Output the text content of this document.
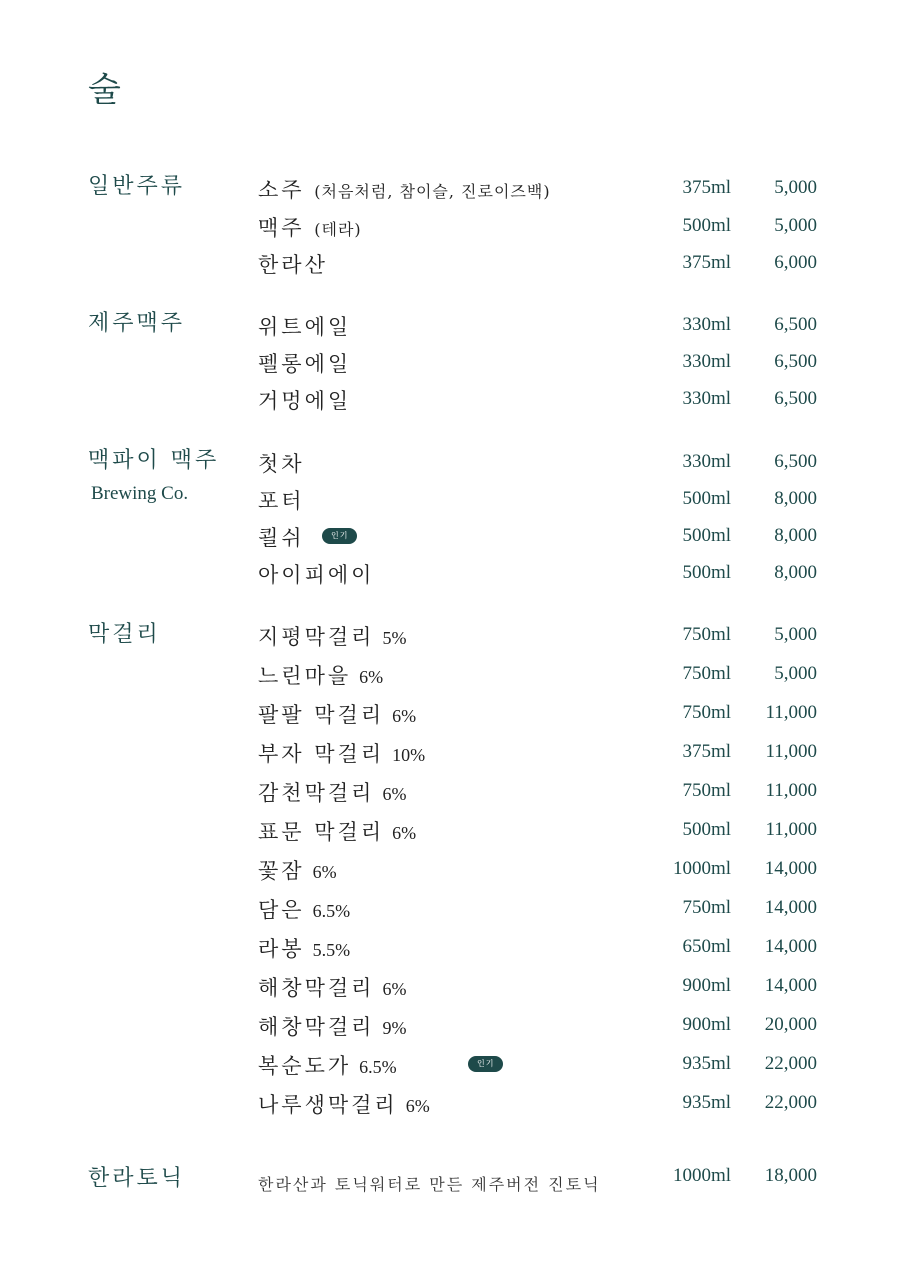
술
일반주류	소주 (처음처럼, 참이슬, 진로이즈백)	375ml 5,000
맥주 (테라)	500ml 5,000
한라산	375ml 6,000
제주맥주	위트에일	330ml 6,500
펠롱에일	330ml 6,500
거멍에일	330ml 6,500
맥파이 맥주
Brewing Co.
첫차	330ml 6,500
포터	500ml 8,000
쾰쉬	인기	500ml 8,000
아이피에이	500ml 8,000
막걸리	지평막걸리 5%	750ml 5,000
느린마을 6%	750ml 5,000
팔팔 막걸리 6%	750ml 11,000
부자 막걸리 10%	375ml 11,000
감천막걸리 6%	750ml 11,000
표문 막걸리 6%	500ml 11,000
꽃잠 6%	1000ml 14,000
담은 6.5%	750ml 14,000
라봉 5.5%	650ml 14,000
해창막걸리 6%	900ml 14,000
해창막걸리 9%	900ml 20,000
복순도가 6.5%	인기	935ml 22,000
나루생막걸리 6%	935ml 22,000
한라토닉	한라산과 토닉워터로 만든 제주버전 진토닉	1000ml 18,000
